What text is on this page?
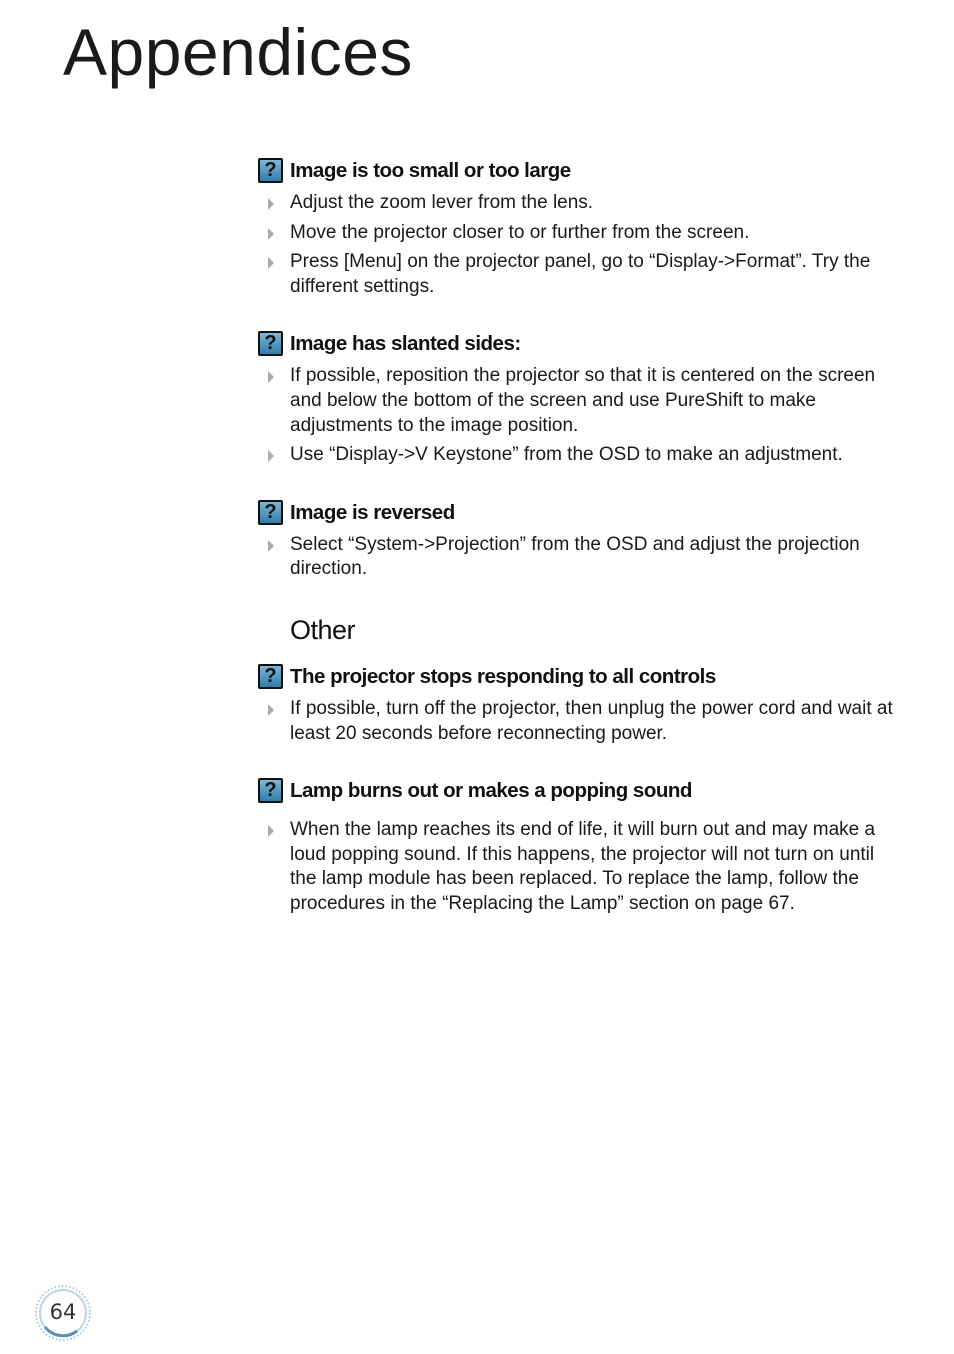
Appendices
? Image is too small or too large
Adjust the zoom lever from the lens.
Move the projector closer to or further from the screen.
Press [Menu] on the projector panel, go to “Display->Format”. Try the different settings.
? Image has slanted sides:
If possible, reposition the projector so that it is centered on the screen and below the bottom of the screen and use PureShift to make adjustments to the image position.
Use “Display->V Keystone” from the OSD to make an adjustment.
? Image is reversed
Select “System->Projection” from the OSD and adjust the projection direction.
Other
? The projector stops responding to all controls
If possible, turn off the projector, then unplug the power cord and wait at least 20 seconds before reconnecting power.
? Lamp burns out or makes a popping sound
When the lamp reaches its end of life, it will burn out and may make a loud popping sound. If this happens, the projector will not turn on until the lamp module has been replaced. To replace the lamp, follow the procedures in the “Replacing the Lamp” section on page 67.
64
